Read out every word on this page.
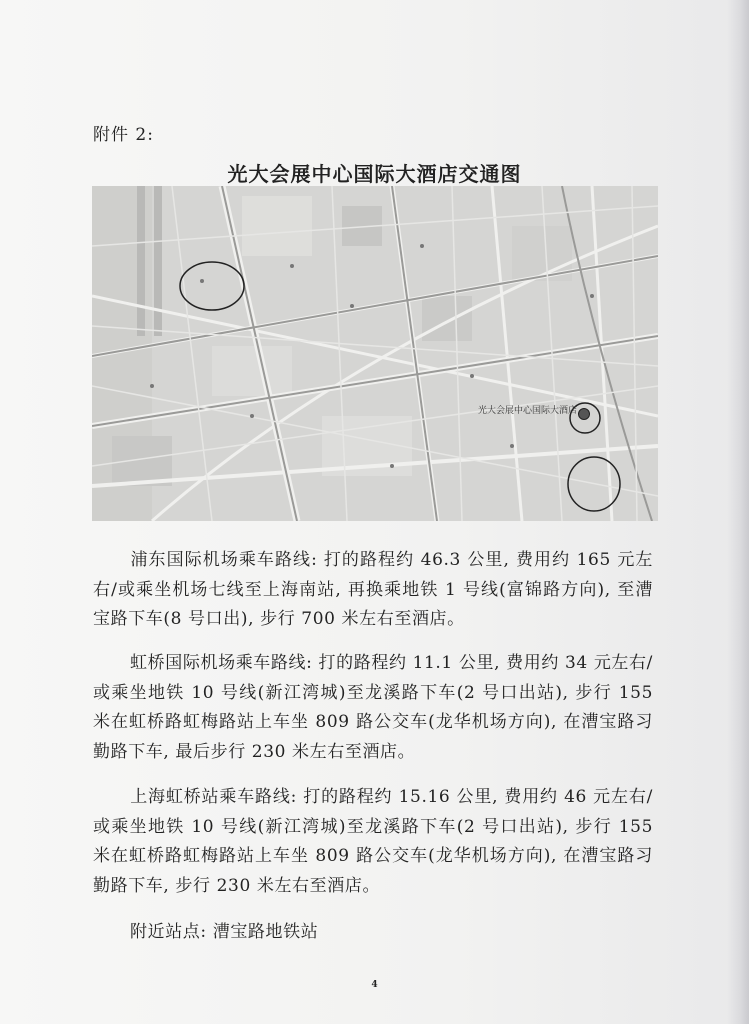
附件 2:
光大会展中心国际大酒店交通图
光大会展中心国际大酒店

浦东国际机场乘车路线: 打的路程约 46.3 公里, 费用约 165 元左右/或乘坐机场七线至上海南站, 再换乘地铁 1 号线(富锦路方向), 至漕宝路下车(8 号口出), 步行 700 米左右至酒店。

虹桥国际机场乘车路线: 打的路程约 11.1 公里, 费用约 34 元左右/或乘坐地铁 10 号线(新江湾城)至龙溪路下车(2 号口出站), 步行 155 米在虹桥路虹梅路站上车坐 809 路公交车(龙华机场方向), 在漕宝路习勤路下车, 最后步行 230 米左右至酒店。

上海虹桥站乘车路线: 打的路程约 15.16 公里, 费用约 46 元左右/或乘坐地铁 10 号线(新江湾城)至龙溪路下车(2 号口出站), 步行 155 米在虹桥路虹梅路站上车坐 809 路公交车(龙华机场方向), 在漕宝路习勤路下车, 步行 230 米左右至酒店。

附近站点: 漕宝路地铁站

4
